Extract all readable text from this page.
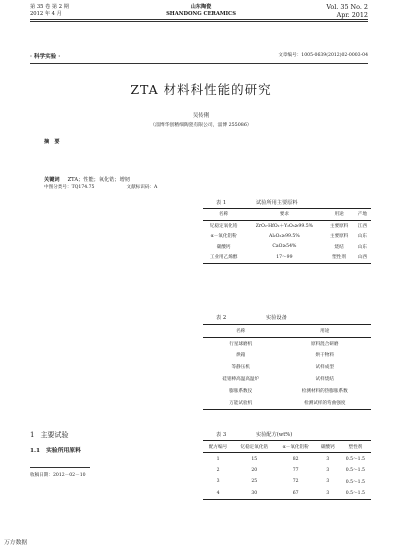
第 35 卷 第 2 期
2012 年 4 月
山东陶瓷
SHANDONG CERAMICS
Vol. 35 No. 2
Apr. 2012
· 科学实验 ·	文章编号：1005-0639(2012)02-0003-04
ZTA 材料科性能的研究
吴传俐
（淄博华创精细陶瓷有限公司，淄博 255086）
摘　要
关键词 ZTA；性能；氧化锆；增韧
中图分类号：TQ174.75	文献标识码：A
1 主要试验
1.1 实验所用原料
收稿日期：2012－02－10
万方数据
表 1	试验所用主要原料
名称	要求	用途	产地
钇稳定氧化锆	ZrO₂·HfO₂＋Y₂O₃≥99.5%	主要原料	江西
α－氧化铝粉	Al₂O₃≥99.5%	主要原料	山东
碳酸钙	CaO≥54%	烧结	山东
工业用乙烯醇	17～99	塑性剂	山西
表 2	实验设备
名称	用途
行星球磨机	原料混合研磨
烘箱	烘干物料
等静压机	试样成型
硅钼棒高温高温炉	试样烧结
膨胀系数仪	检测材料的热膨胀系数
万能试验机	检测试样的弯曲强度
表 3	实验配方(wt%)
配方编号	钇稳定氧化锆	α－氧化铝粉	碳酸钙	塑性剂
1	15	82	3	0.5～1.5
2	20	77	3	0.5～1.5
3	25	72	3	0.5～1.5
4	30	67	3	0.5～1.5
